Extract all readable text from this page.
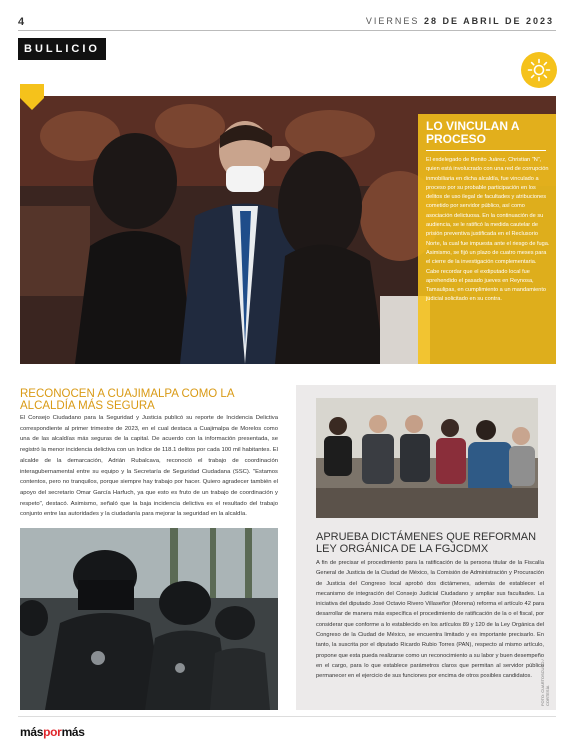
4	VIERNES 28 DE ABRIL DE 2023
BULLICIO
LO VINCULAN A PROCESO
El exdelegado de Benito Juárez, Christian "N", quien está involucrado con una red de corrupción inmobiliaria en dicha alcaldía, fue vinculado a proceso por su probable participación en los delitos de uso ilegal de facultades y atribuciones cometido por servidor público, así como asociación delictuosa. En la continuación de su audiencia, se le ratificó la medida cautelar de prisión preventiva justificada en el Reclusorio Norte, la cual fue impuesta ante el riesgo de fuga. Asimismo, se fijó un plazo de cuatro meses para el cierre de la investigación complementaria. Cabe recordar que el exdiputado local fue aprehendido el pasado jueves en Reynosa, Tamaulipas, en cumplimiento a un mandamiento judicial solicitado en su contra.
RECONOCEN A CUAJIMALPA COMO LA ALCALDÍA MÁS SEGURA
El Consejo Ciudadano para la Seguridad y Justicia publicó su reporte de Incidencia Delictiva correspondiente al primer trimestre de 2023, en el cual destaca a Cuajimalpa de Morelos como una de las alcaldías más seguras de la capital. De acuerdo con la información presentada, se registró la menor incidencia delictiva con un índice de 118.1 delitos por cada 100 mil habitantes. El alcalde de la demarcación, Adrián Rubalcava, reconoció el trabajo de coordinación interagubernamental entre su equipo y la Secretaría de Seguridad Ciudadana (SSC). "Estamos contentos, pero no tranquilos, porque siempre hay trabajo por hacer. Quiero agradecer también el apoyo del secretario Omar García Harfuch, ya que esto es fruto de un trabajo de coordinación y respeto", destacó. Asimismo, señaló que la baja incidencia delictiva es el resultado del trabajo conjunto entre las autoridades y la ciudadanía para mejorar la seguridad en la alcaldía.
APRUEBA DICTÁMENES QUE REFORMAN LEY ORGÁNICA DE LA FGJCDMX
A fin de precisar el procedimiento para la ratificación de la persona titular de la Fiscalía General de Justicia de la Ciudad de México, la Comisión de Administración y Procuración de Justicia del Congreso local aprobó dos dictámenes, además de establecer el mecanismo de integración del Consejo Judicial Ciudadano y ampliar sus facultades. La iniciativa del diputado José Octavio Rivero Villaseñor (Morena) reforma el artículo 42 para desarrollar de manera más específica el procedimiento de ratificación de la o el fiscal, por considerar que conforme a lo establecido en los artículos 89 y 120 de la Ley Orgánica del Congreso de la Ciudad de México, se encuentra limitado y es importante precisarlo. En tanto, la suscrita por el diputado Ricardo Rubio Torres (PAN), respecto al mismo artículo, propone que esta pueda realizarse como un reconocimiento a su labor y buen desempeño en el cargo, para lo que establece parámetros claros que permitan al servidor público permanecer en el ejercicio de sus funciones por encima de otros posibles candidatos.	FOTO: CUARTOSCURO / CORTESÍA
máspormás
